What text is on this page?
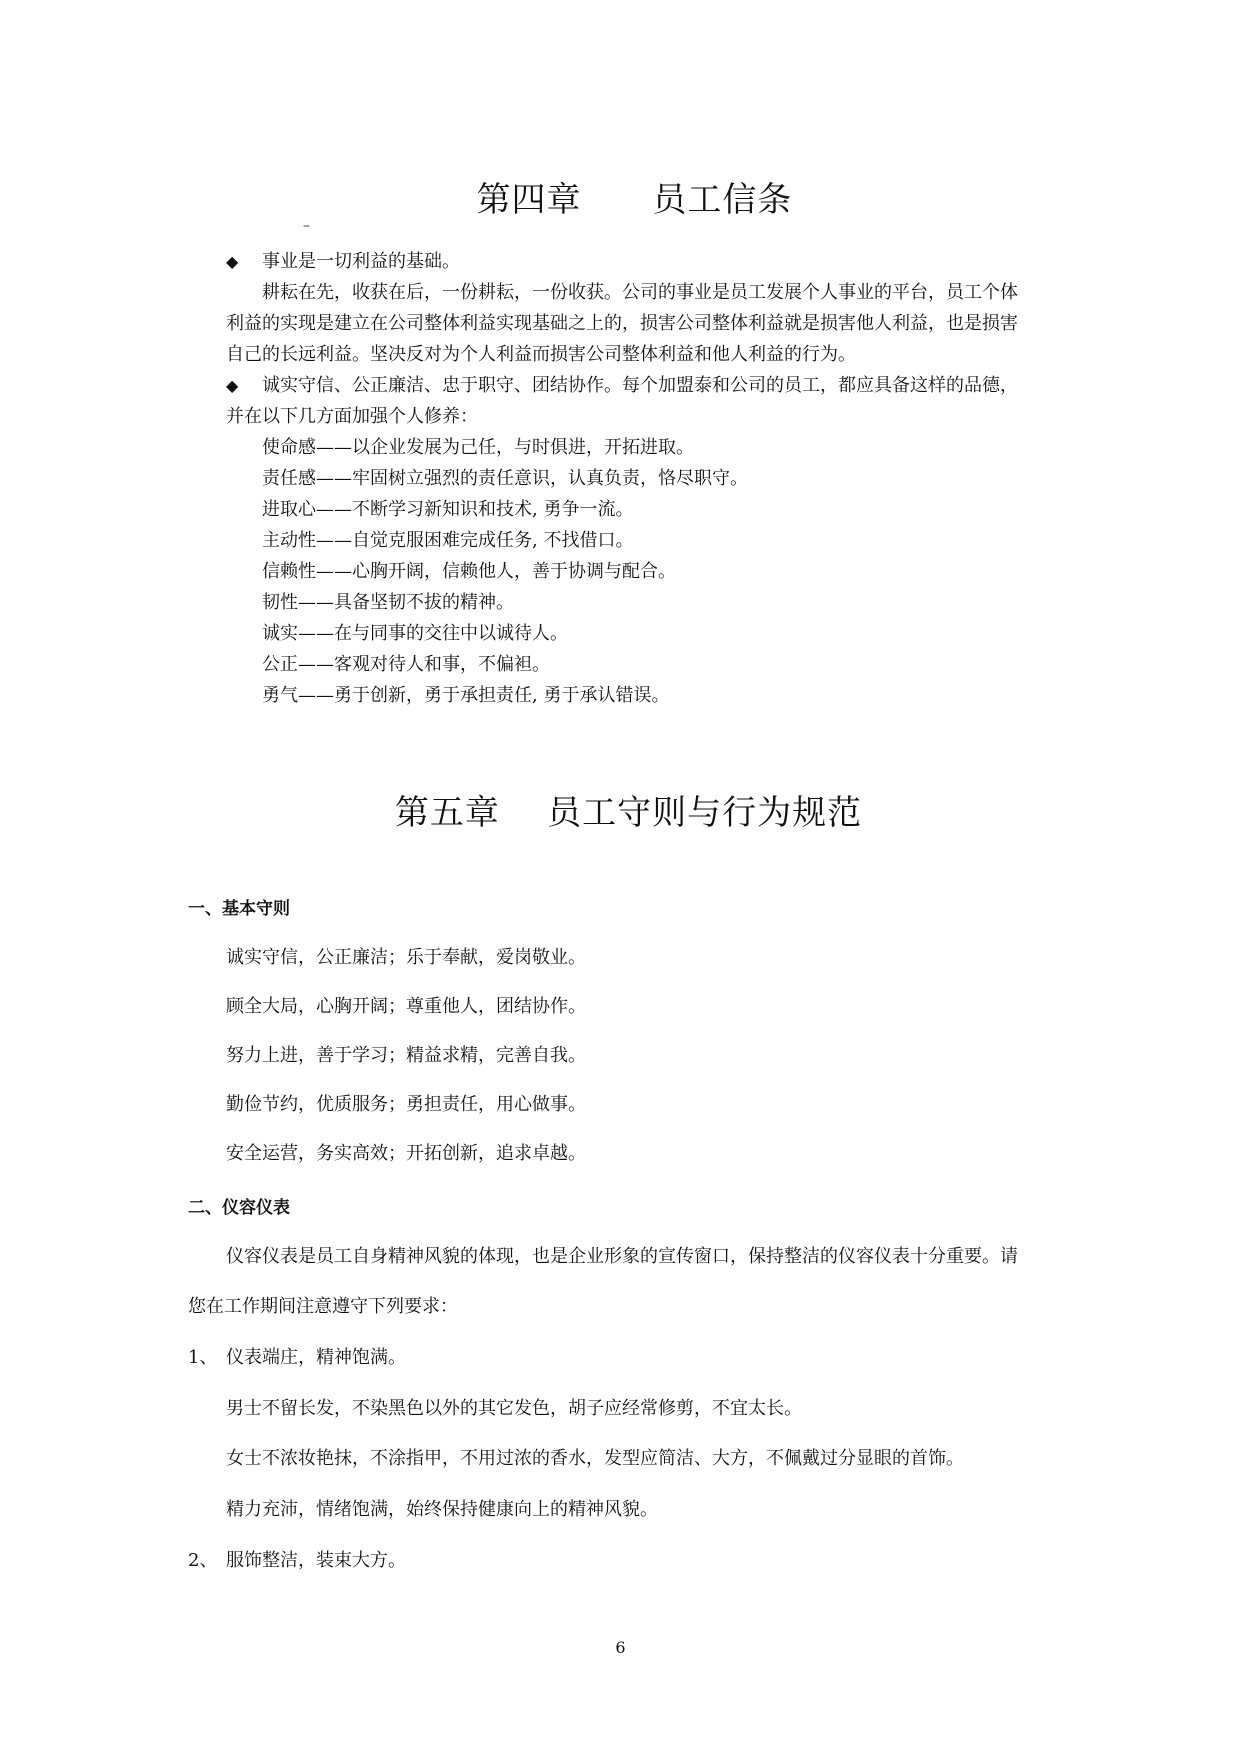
第四章      员工信条
–
◆ 事业是一切利益的基础。
耕耘在先，收获在后，一份耕耘，一份收获。公司的事业是员工发展个人事业的平台，员工个体
利益的实现是建立在公司整体利益实现基础之上的，损害公司整体利益就是损害他人利益，也是损害
自己的长远利益。坚决反对为个人利益而损害公司整体利益和他人利益的行为。
◆ 诚实守信、公正廉洁、忠于职守、团结协作。每个加盟泰和公司的员工，都应具备这样的品德，
并在以下几方面加强个人修养：
使命感——以企业发展为己任，与时俱进，开拓进取。
责任感——牢固树立强烈的责任意识，认真负责，恪尽职守。
进取心——不断学习新知识和技术, 勇争一流。
主动性——自觉克服困难完成任务, 不找借口。
信赖性——心胸开阔，信赖他人，善于协调与配合。
韧性——具备坚韧不拔的精神。
诚实——在与同事的交往中以诚待人。
公正——客观对待人和事，不偏袒。
勇气——勇于创新，勇于承担责任, 勇于承认错误。
第五章    员工守则与行为规范
一、基本守则
诚实守信，公正廉洁；乐于奉献，爱岗敬业。
顾全大局，心胸开阔；尊重他人，团结协作。
努力上进，善于学习；精益求精，完善自我。
勤俭节约，优质服务；勇担责任，用心做事。
安全运营，务实高效；开拓创新，追求卓越。
二、仪容仪表
仪容仪表是员工自身精神风貌的体现，也是企业形象的宣传窗口，保持整洁的仪容仪表十分重要。请
您在工作期间注意遵守下列要求：
1、 仪表端庄，精神饱满。
男士不留长发，不染黑色以外的其它发色，胡子应经常修剪，不宜太长。
女士不浓妆艳抹，不涂指甲，不用过浓的香水，发型应简洁、大方，不佩戴过分显眼的首饰。
精力充沛，情绪饱满，始终保持健康向上的精神风貌。
2、 服饰整洁，装束大方。
6
